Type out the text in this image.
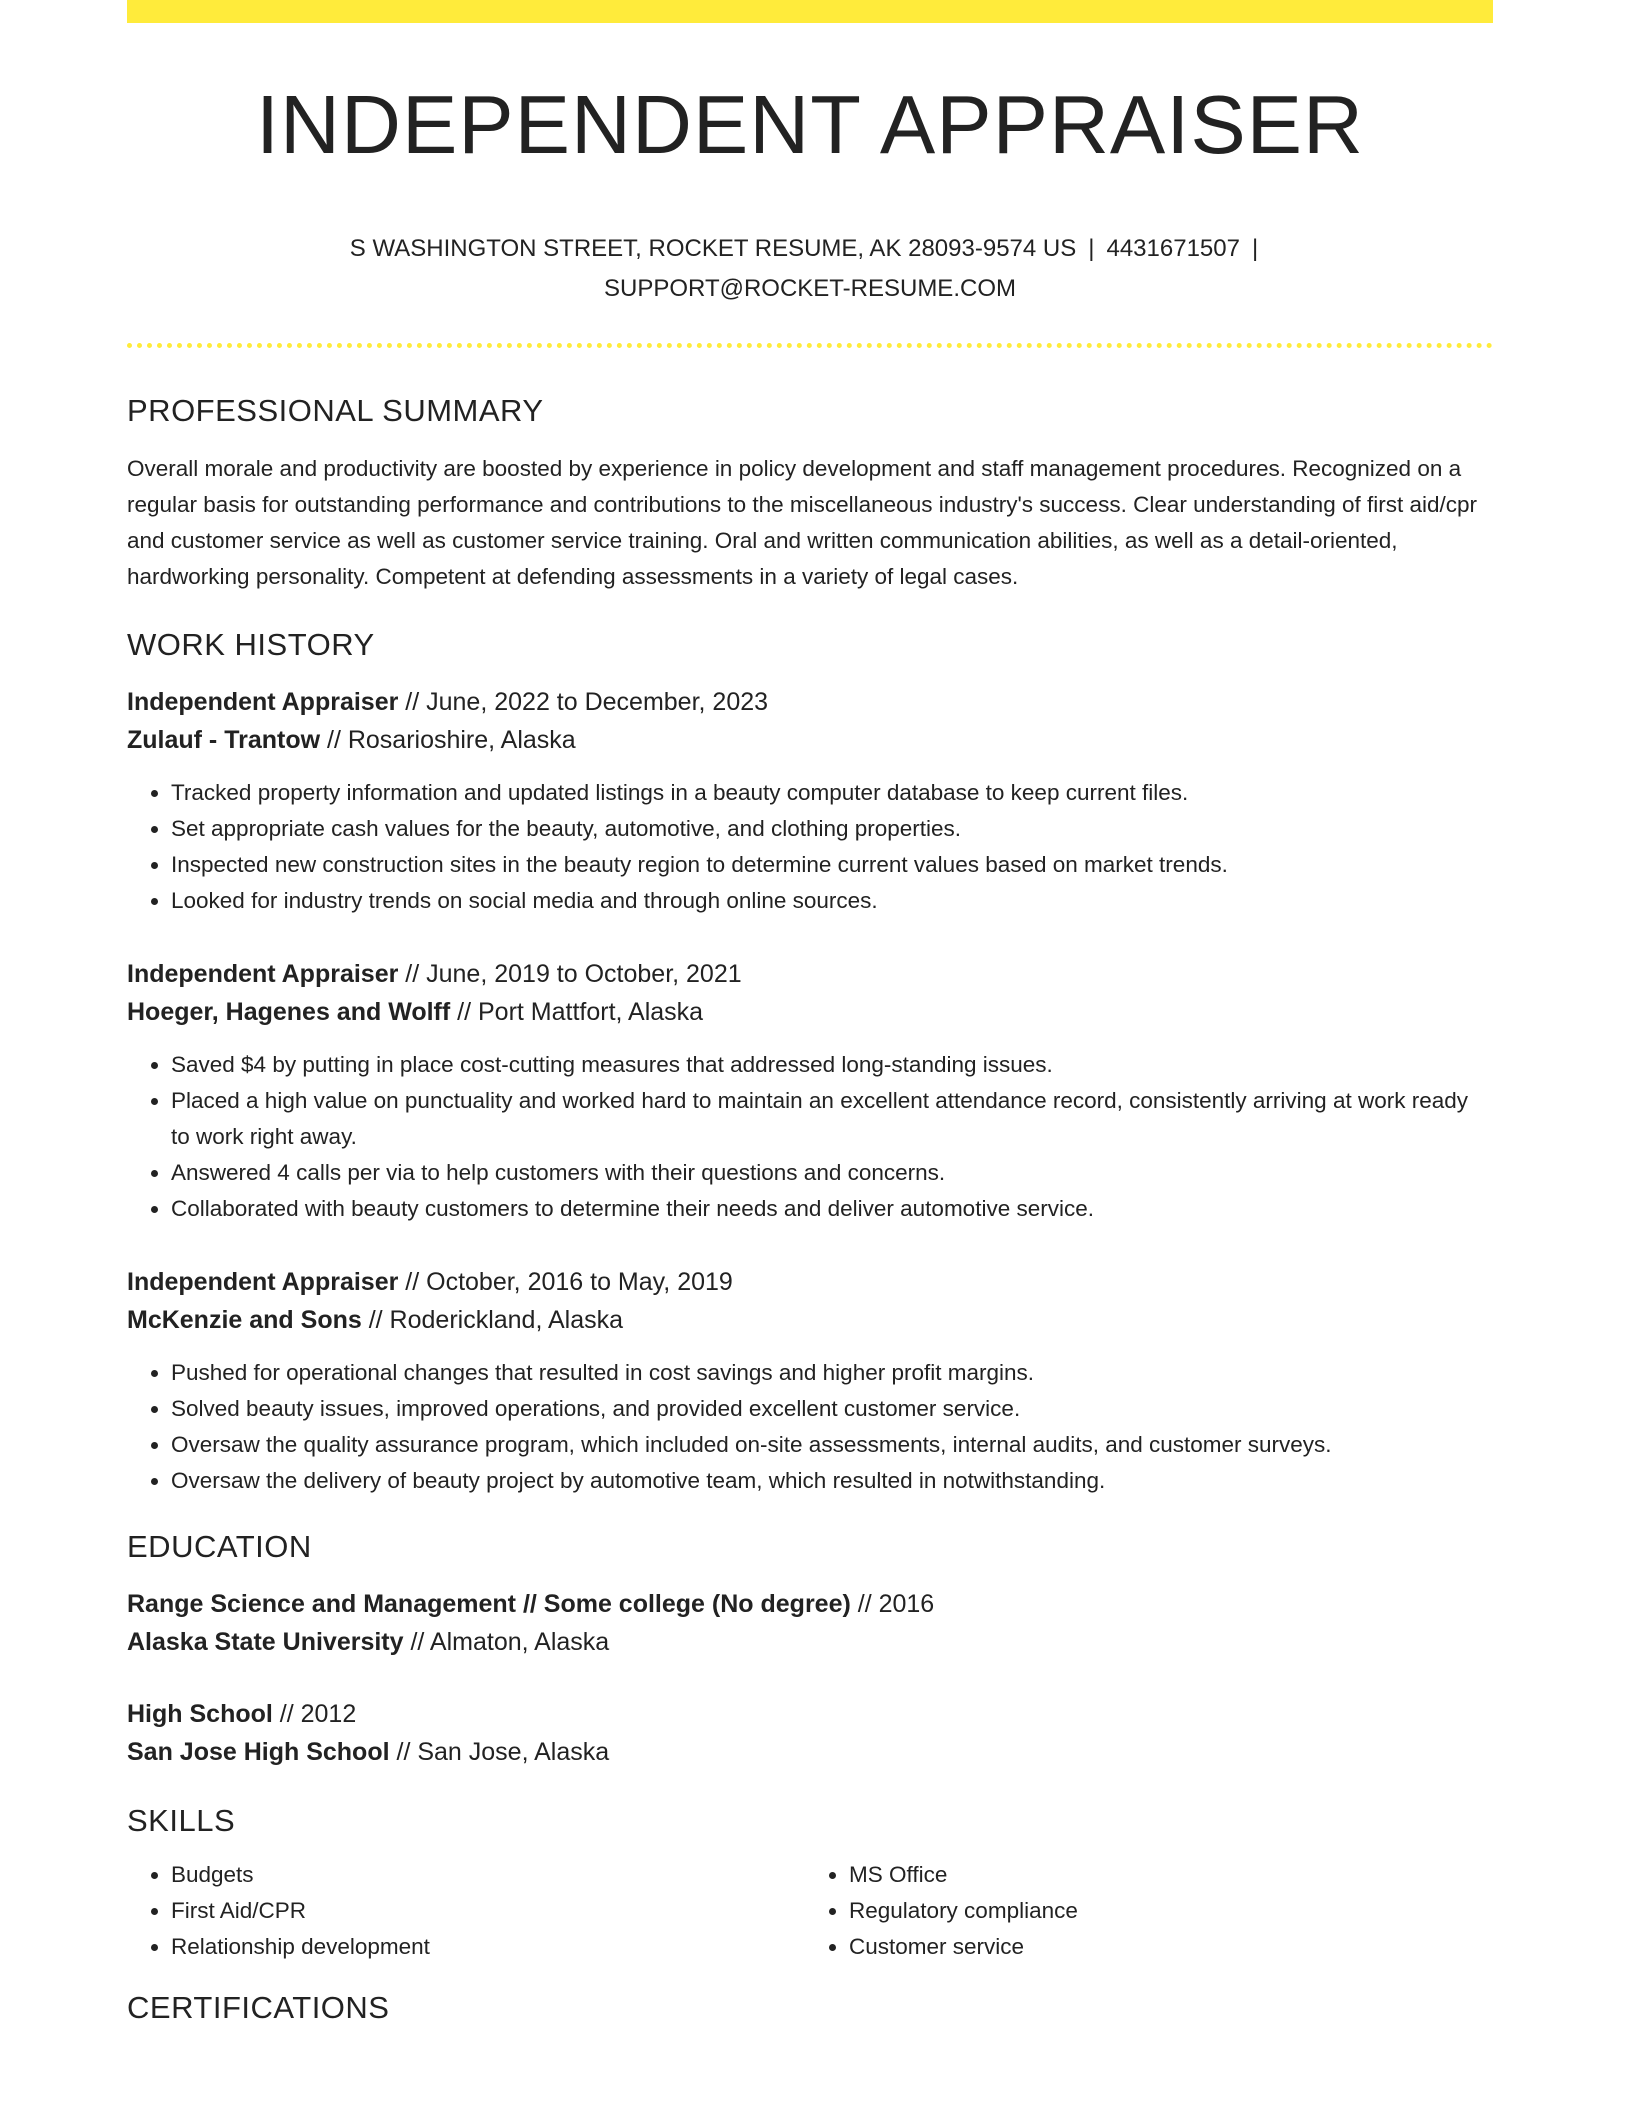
INDEPENDENT APPRAISER
S WASHINGTON STREET, ROCKET RESUME, AK 28093-9574 US | 4431671507 |
SUPPORT@ROCKET-RESUME.COM
PROFESSIONAL SUMMARY
Overall morale and productivity are boosted by experience in policy development and staff management procedures. Recognized on a regular basis for outstanding performance and contributions to the miscellaneous industry's success. Clear understanding of first aid/cpr and customer service as well as customer service training. Oral and written communication abilities, as well as a detail-oriented, hardworking personality. Competent at defending assessments in a variety of legal cases.
WORK HISTORY
Independent Appraiser // June, 2022 to December, 2023
Zulauf - Trantow // Rosarioshire, Alaska
• Tracked property information and updated listings in a beauty computer database to keep current files.
• Set appropriate cash values for the beauty, automotive, and clothing properties.
• Inspected new construction sites in the beauty region to determine current values based on market trends.
• Looked for industry trends on social media and through online sources.
Independent Appraiser // June, 2019 to October, 2021
Hoeger, Hagenes and Wolff // Port Mattfort, Alaska
• Saved $4 by putting in place cost-cutting measures that addressed long-standing issues.
• Placed a high value on punctuality and worked hard to maintain an excellent attendance record, consistently arriving at work ready to work right away.
• Answered 4 calls per via to help customers with their questions and concerns.
• Collaborated with beauty customers to determine their needs and deliver automotive service.
Independent Appraiser // October, 2016 to May, 2019
McKenzie and Sons // Roderickland, Alaska
• Pushed for operational changes that resulted in cost savings and higher profit margins.
• Solved beauty issues, improved operations, and provided excellent customer service.
• Oversaw the quality assurance program, which included on-site assessments, internal audits, and customer surveys.
• Oversaw the delivery of beauty project by automotive team, which resulted in notwithstanding.
EDUCATION
Range Science and Management // Some college (No degree) // 2016
Alaska State University // Almaton, Alaska
High School // 2012
San Jose High School // San Jose, Alaska
SKILLS
• Budgets
• First Aid/CPR
• Relationship development
• MS Office
• Regulatory compliance
• Customer service
CERTIFICATIONS
